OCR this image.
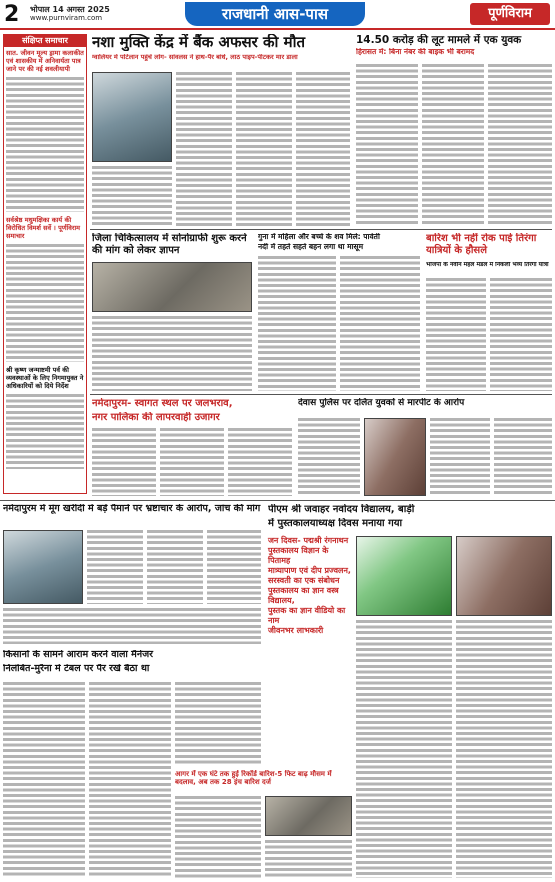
2 भोपाल 14 अगस्त 2025
www.purnviram.com	राजधानी आस-पास	पूर्णविराम
संक्षिप्त समाचार
सात. जीवन मूल्य ड्रामा कलाकीत एवं शासकीय में अनिवार्यता पात्र जाने पर की नई शवलीयापी
सर्वश्रेष्ठ मधुमक्षिका कार्य की विरोधित विमर्श सर्वे । पूर्णविराम समाचार
श्री कृष्ण जन्माष्टमी पर्व की व्यवस्थाओं के लिए निगमायुक्त ने अधिकारियों को दिये निर्देश
नशा मुक्ति केंद्र में बैंक अफसर की मौत
ग्वालियर में पटिलान पहुंचे लोग- सांवलस ने हाथ-पैर बांधे, लाठ पाइप-पीटकर मार डाला
14.50 करोड़ की लूट मामले में एक युवक
हिरासत में: बिना नंबर की बाइक भी बरामद
जिला चिकित्सालय में सोनोग्राफी शुरू करने की मांग को लेकर ज्ञापन
गुना में महिला और बच्चे के शव मिले: पार्वती
नदी में तहते सहते बहन लगा था मासूम
बारिश भी नहीं रोक पाई तिरंगा यात्रियों के हौसले
भाजपा के नवीन महल मंडल में निकली भव्य तिरंगा यात्रा
नर्मदापुरम- स्वागत स्थल पर जलभराव,
नगर पालिका की लापरवाही उजागर
देवास पुलिस पर दलित युवकों से मारपीट के आरोप
नर्मदापुरम में मूंग खरीदी में बड़े पैमाने पर भ्रष्टाचार के आरोप, जांच की मांग पीएम श्री जवाहर नवोदय विद्यालय, बाड़ी
में पुस्तकालयाध्यक्ष दिवस मनाया गया
जन दिवस- पद्मश्री रंगनाथन
पुस्तकालय विज्ञान के पितामह
मात्र्यापाण एवं दीप प्रज्वलन,
सरस्वती का एक संबोधन
पुस्तकालय का ज्ञान वस्त्र विद्यालय,
पुस्तक का ज्ञान वीडियो का नाम
जीवनभर लाभकारी
किसानों के सामने आराम करने वाला मैनेजर
निलंबित-मुरैना में टेबल पर पैर रखे बैठा था
आगर में एक घंटे तक हुई रिकॉर्ड बारिश-5 फिट बाढ़ मौसम में बदलाव, अब तक 28 इंच बारिश दर्ज
